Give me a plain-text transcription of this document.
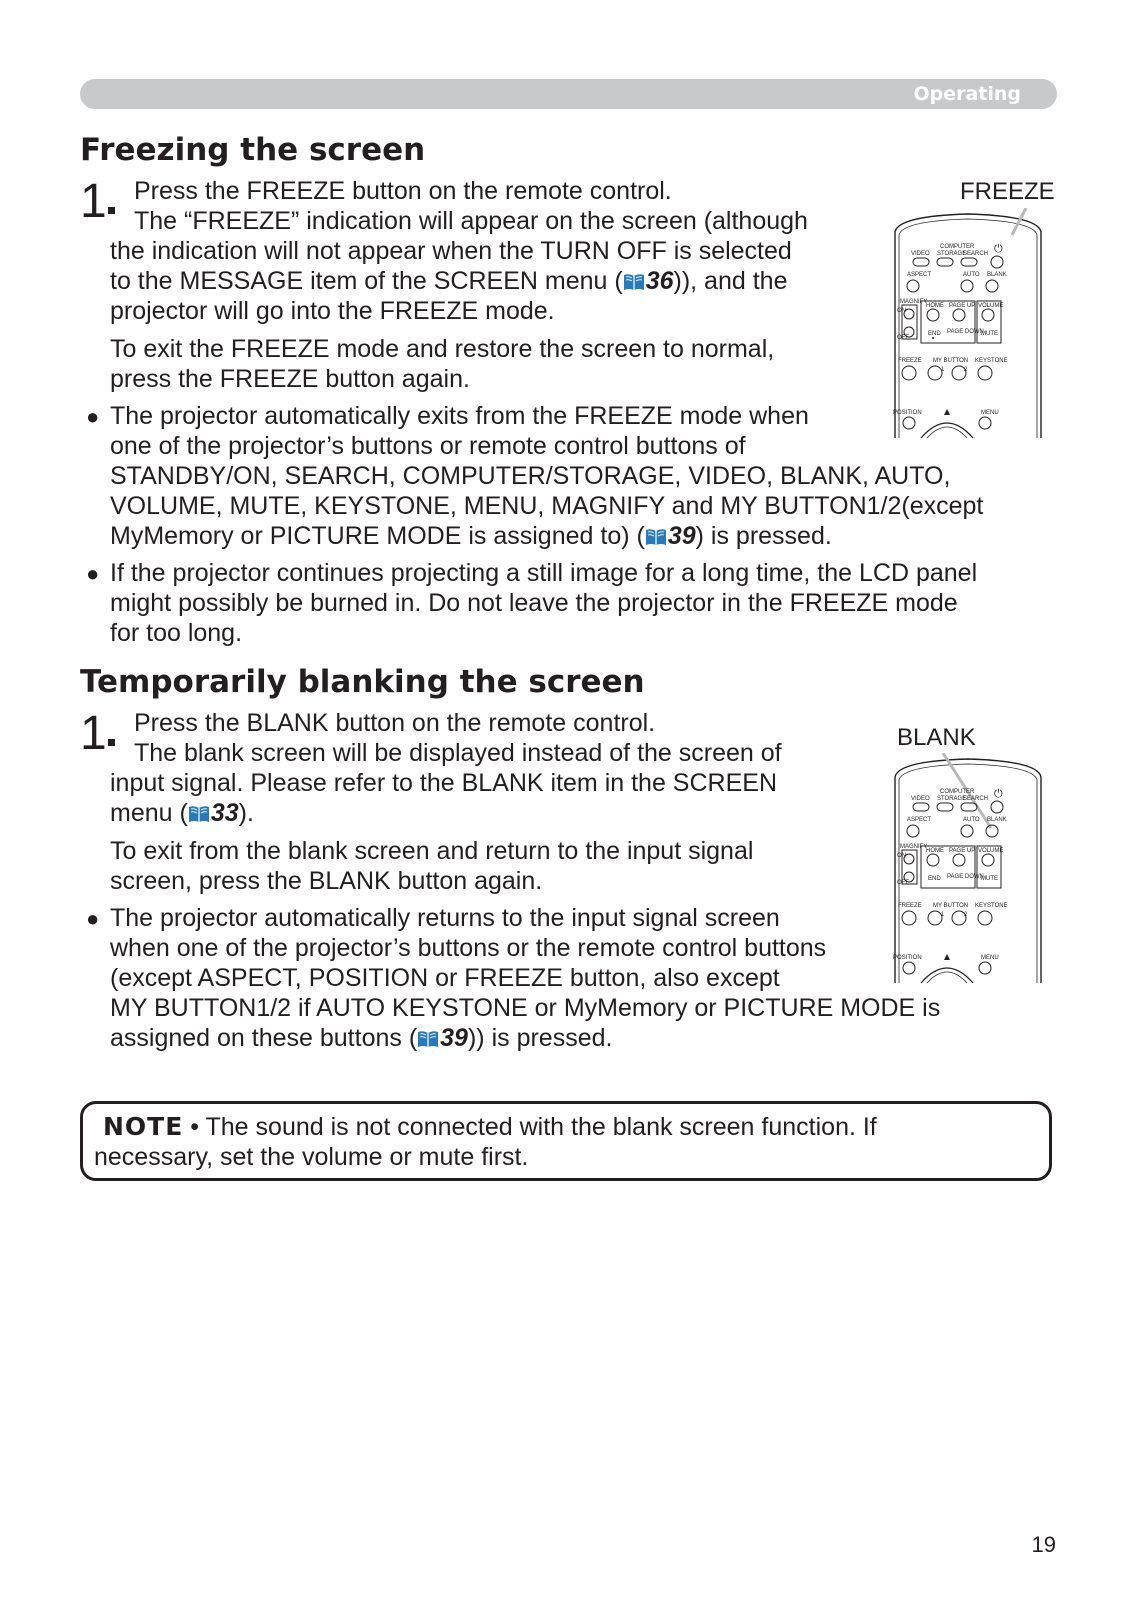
Operating
Freezing the screen

1 Press the FREEZE button on the remote control.

The “FREEZE” indication will appear on the screen (although

the indication will not appear when the TURN OFF is selected

to the MESSAGE item of the SCREEN menu ( 36)), and the

projector will go into the FREEZE mode.

To exit the FREEZE mode and restore the screen to normal,

press the FREEZE button again.

● The projector automatically exits from the FREEZE mode when

one of the projector’s buttons or remote control buttons of

STANDBY/ON, SEARCH, COMPUTER/STORAGE, VIDEO, BLANK, AUTO,

VOLUME, MUTE, KEYSTONE, MENU, MAGNIFY and MY BUTTON1/2(except

MyMemory or PICTURE MODE is assigned to) ( 39) is pressed.

● If the projector continues projecting a still image for a long time, the LCD panel

might possibly be burned in. Do not leave the projector in the FREEZE mode

for too long.

FREEZE

COMPUTER
VIDEO STORAGE
SEARCH ⏻
ASPECT	AUTO BLANK
MAGNIFY
ON
OFF
HOME PAGE UP
END PAGE DOWN
VOLUME
MUTE
FREEZE MY BUTTON KEYSTONE
1	2
POSITION	MENU
Temporarily blanking the screen

1 Press the BLANK button on the remote control.

The blank screen will be displayed instead of the screen of

input signal. Please refer to the BLANK item in the SCREEN

menu ( 33).

To exit from the blank screen and return to the input signal

screen, press the BLANK button again.

● The projector automatically returns to the input signal screen

when one of the projector’s buttons or the remote control buttons

(except ASPECT, POSITION or FREEZE button, also except

MY BUTTON1/2 if AUTO KEYSTONE or MyMemory or PICTURE MODE is

assigned on these buttons ( 39)) is pressed.

BLANK

COMPUTER
VIDEO STORAGE
SEARCH ⏻
ASPECT	AUTO BLANK
MAGNIFY
ON
OFF
HOME PAGE UP
END PAGE DOWN
VOLUME
MUTE
FREEZE MY BUTTON KEYSTONE
1	2
POSITION	MENU

NOTE • The sound is not connected with the blank screen function. If

necessary, set the volume or mute first.

19
